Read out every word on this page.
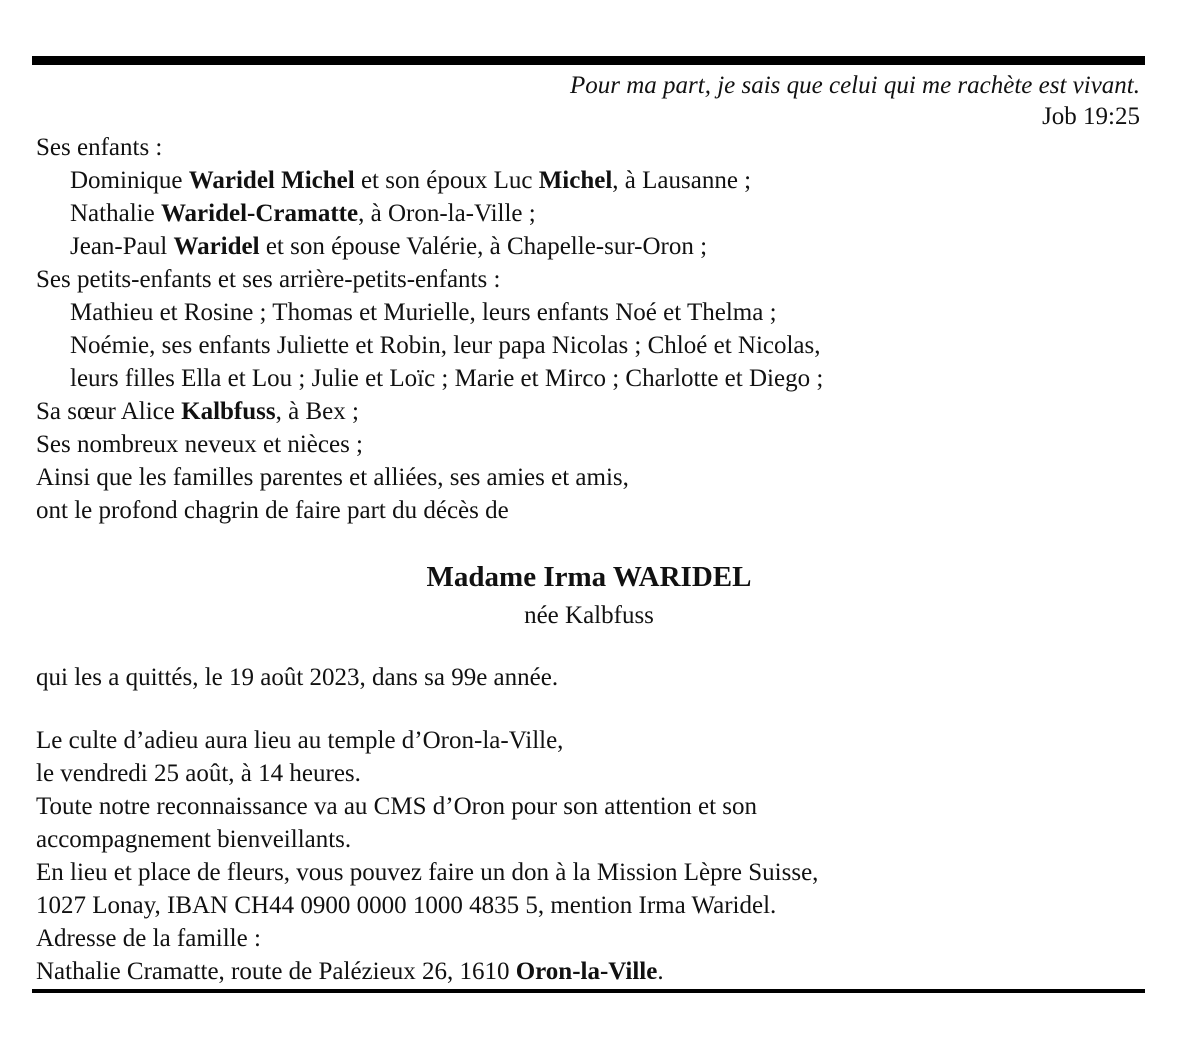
Pour ma part, je sais que celui qui me rachète est vivant.
Job 19:25
Ses enfants :
Dominique Waridel Michel et son époux Luc Michel, à Lausanne ;
Nathalie Waridel-Cramatte, à Oron-la-Ville ;
Jean-Paul Waridel et son épouse Valérie, à Chapelle-sur-Oron ;
Ses petits-enfants et ses arrière-petits-enfants :
Mathieu et Rosine ; Thomas et Murielle, leurs enfants Noé et Thelma ;
Noémie, ses enfants Juliette et Robin, leur papa Nicolas ; Chloé et Nicolas,
leurs filles Ella et Lou ; Julie et Loïc ; Marie et Mirco ; Charlotte et Diego ;
Sa sœur Alice Kalbfuss, à Bex ;
Ses nombreux neveux et nièces ;
Ainsi que les familles parentes et alliées, ses amies et amis,
ont le profond chagrin de faire part du décès de
Madame Irma WARIDEL
née Kalbfuss
qui les a quittés, le 19 août 2023, dans sa 99e année.
Le culte d’adieu aura lieu au temple d’Oron-la-Ville,
le vendredi 25 août, à 14 heures.
Toute notre reconnaissance va au CMS d’Oron pour son attention et son
accompagnement bienveillants.
En lieu et place de fleurs, vous pouvez faire un don à la Mission Lèpre Suisse,
1027 Lonay, IBAN CH44 0900 0000 1000 4835 5, mention Irma Waridel.
Adresse de la famille :
Nathalie Cramatte, route de Palézieux 26, 1610 Oron-la-Ville.
